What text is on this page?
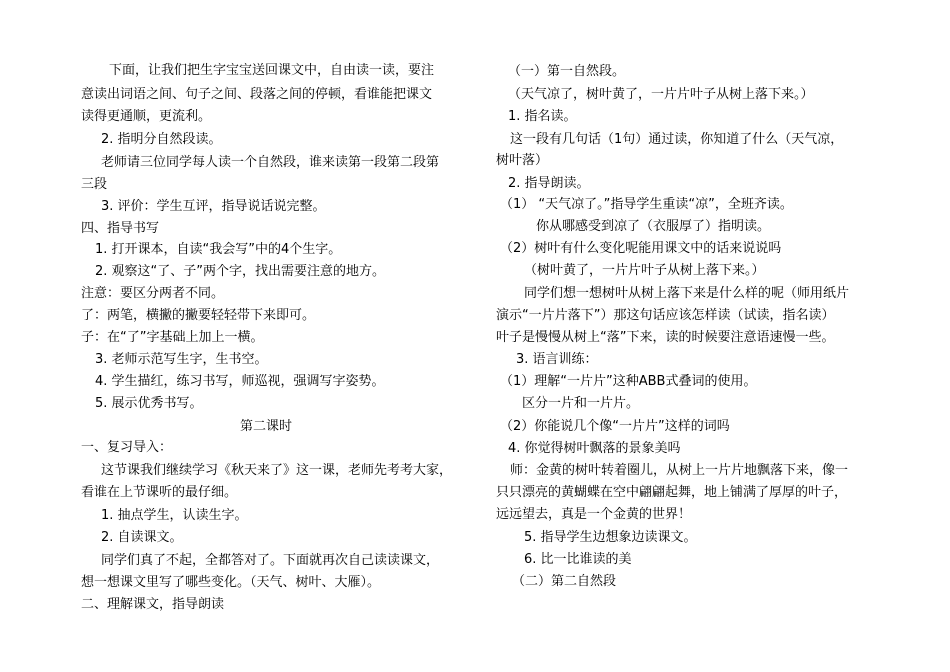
下面，让我们把生字宝宝送回课文中，自由读一读，要注
意读出词语之间、句子之间、段落之间的停顿，看谁能把课文
读得更通顺，更流利。
2. 指明分自然段读。
老师请三位同学每人读一个自然段，谁来读第一段第二段第
三段
3. 评价：学生互评，指导说话说完整。
四、指导书写
1. 打开课本，自读“我会写”中的4个生字。
2. 观察这“了、子”两个字，找出需要注意的地方。
注意：要区分两者不同。
了：两笔，横撇的撇要轻轻带下来即可。
子：在“了”字基础上加上一横。
3. 老师示范写生字，生书空。
4. 学生描红，练习书写，师巡视，强调写字姿势。
5. 展示优秀书写。
第二课时
一、复习导入：
这节课我们继续学习《秋天来了》这一课，老师先考考大家，
看谁在上节课听的最仔细。
1. 抽点学生，认读生字。
2. 自读课文。
同学们真了不起，全都答对了。下面就再次自己读读课文，
想一想课文里写了哪些变化。（天气、树叶、大雁）。
二、理解课文，指导朗读
（一）第一自然段。
（天气凉了，树叶黄了，一片片叶子从树上落下来。）
1. 指名读。
这一段有几句话（1句）通过读，你知道了什么（天气凉，
树叶落）
2. 指导朗读。
（1） “天气凉了。”指导学生重读“凉”，全班齐读。
你从哪感受到凉了（衣服厚了）指明读。
（2）树叶有什么变化呢能用课文中的话来说说吗
（树叶黄了，一片片叶子从树上落下来。）
同学们想一想树叶从树上落下来是什么样的呢（师用纸片
演示“一片片落下”）那这句话应该怎样读（试读，指名读）
叶子是慢慢从树上“落”下来，读的时候要注意语速慢一些。
3. 语言训练：
（1）理解“一片片”这种ABB式叠词的使用。
区分一片和一片片。
（2）你能说几个像“一片片”这样的词吗
4. 你觉得树叶飘落的景象美吗
师：金黄的树叶转着圈儿，从树上一片片地飘落下来，像一
只只漂亮的黄蝴蝶在空中翩翩起舞，地上铺满了厚厚的叶子，
远远望去，真是一个金黄的世界！
5. 指导学生边想象边读课文。
6. 比一比谁读的美
（二）第二自然段
